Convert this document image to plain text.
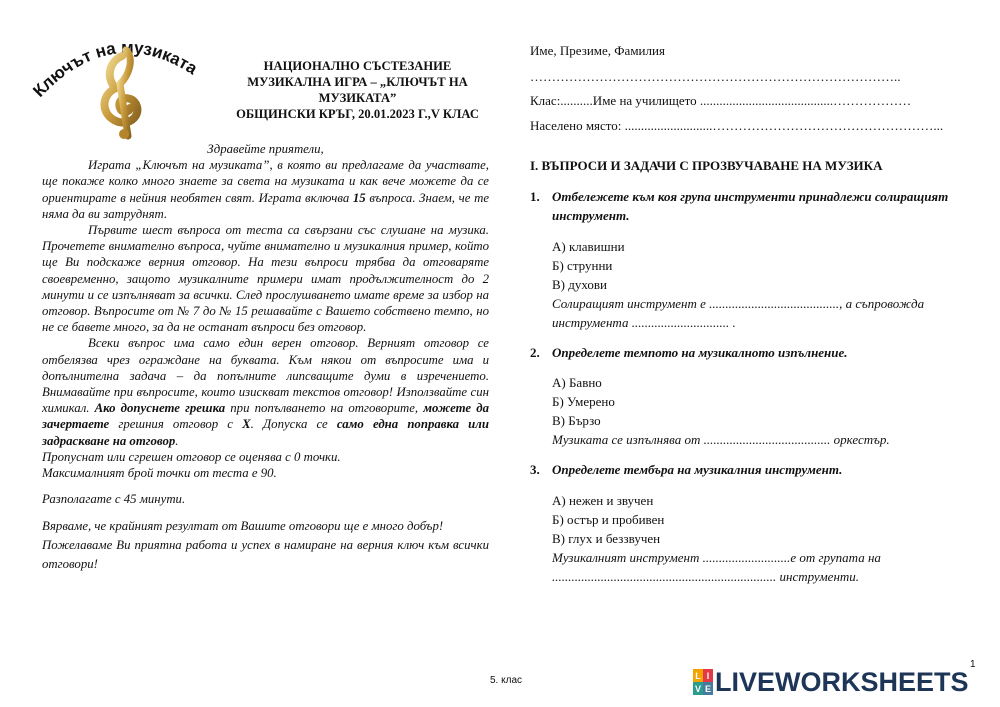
Ключът на музиката	НАЦИОНАЛНО СЪСТЕЗАНИЕ
МУЗИКАЛНА ИГРА – „КЛЮЧЪТ НА
МУЗИКАТА”
ОБЩИНСКИ КРЪГ, 20.01.2023 Г.,V КЛАС

Здравейте приятели,

Играта „Ключът на музиката”, в която ви предлагаме да участвате, ще покаже колко много знаете за света на музиката и как вече можете да се ориентирате в нейния необятен свят. Играта включва 15 въпроса. Знаем, че те няма да ви затруднят.

Първите шест въпроса от теста са свързани със слушане на музика. Прочетете внимателно въпроса, чуйте внимателно и музикалния пример, който ще Ви подскаже верния отговор. На тези въпроси трябва да отговаряте своевременно, защото музикалните примери имат продължителност до 2 минути и се изпълняват за всички. След прослушването имате време за избор на отговор. Въпросите от № 7 до № 15 решавайте с Вашето собствено темпо, но не се бавете много, за да не останат въпроси без отговор.

Всеки въпрос има само един верен отговор. Верният отговор се отбелязва чрез ограждане на буквата. Към някои от въпросите има и допълнителна задача – да попълните липсващите думи в изречението. Внимавайте при въпросите, които изискват текстов отговор! Използвайте син химикал. Ако допуснете грешка при попълването на отговорите, можете да зачертаете грешния отговор с Х. Допуска се само една поправка или задраскване на отговор.

Пропуснат или сгрешен отговор се оценява с 0 точки.

Максималният брой точки от теста е 90.

Разполагате с 45 минути.

Вярваме, че крайният резултат от Вашите отговори ще е много добър!

Пожелаваме Ви приятна работа и успех в намиране на верния ключ към всички отговори!

Име, Презиме, Фамилия
…………………………………………………………………………..
Клас:..........Име на училището .........................................………………
Населено място: ...........................……………………………………………...
I. ВЪПРОСИ И ЗАДАЧИ С ПРОЗВУЧАВАНЕ НА МУЗИКА
1. Отбележете към коя група инструменти принадлежи солиращият инструмент.
А) клавишни
Б) струнни
В) духови
Солиращият инструмент е ........................................, а съпровожда
инструмента .............................. .
2. Определете темпото на музикалното изпълнение.
А) Бавно
Б) Умерено
В) Бързо
Музиката се изпълнява от ....................................... оркестър.
3. Определете тембъра на музикалния инструмент.
А) нежен и звучен
Б) остър и пробивен
В) глух и беззвучен
Музикалният инструмент ...........................е от групата на
..................................................................... инструменти.
5. клас
1
L I
V E LIVEWORKSHEETS
